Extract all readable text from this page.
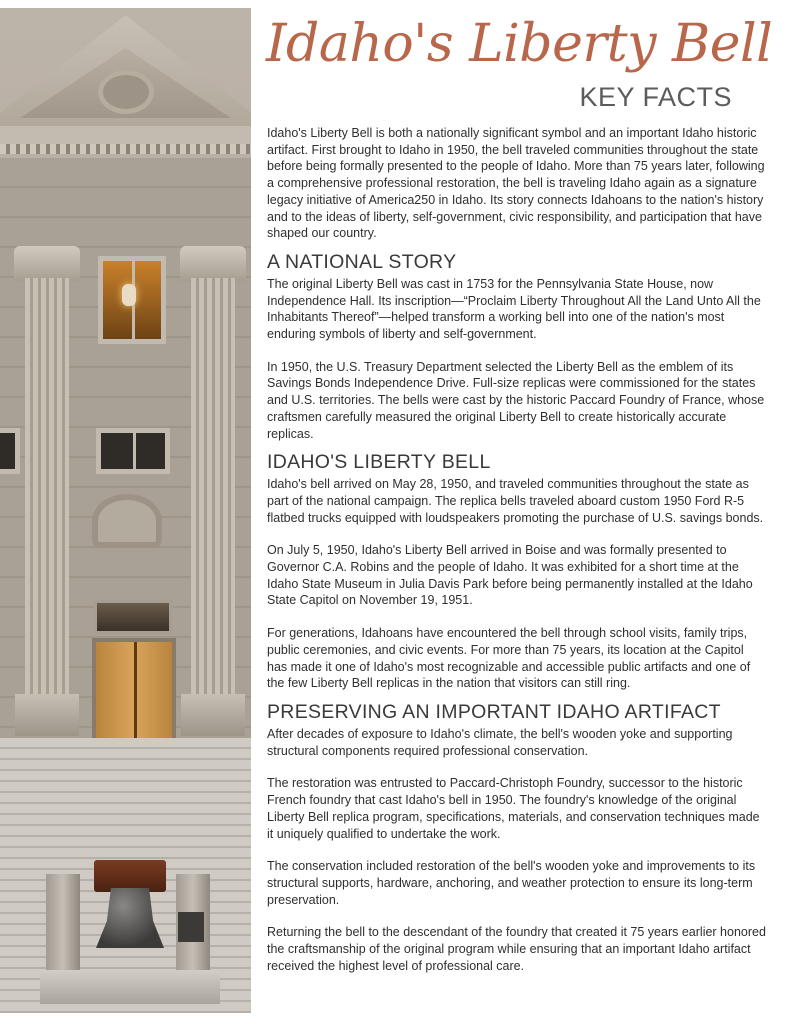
Idaho's Liberty Bell
KEY FACTS

Idaho's Liberty Bell is both a nationally significant symbol and an important Idaho historic artifact. First brought to Idaho in 1950, the bell traveled communities throughout the state before being formally presented to the people of Idaho. More than 75 years later, following a comprehensive professional restoration, the bell is traveling Idaho again as a signature legacy initiative of America250 in Idaho. Its story connects Idahoans to the nation's history and to the ideas of liberty, self-government, civic responsibility, and participation that have shaped our country.

A NATIONAL STORY

The original Liberty Bell was cast in 1753 for the Pennsylvania State House, now Independence Hall. Its inscription—“Proclaim Liberty Throughout All the Land Unto All the Inhabitants Thereof”—helped transform a working bell into one of the nation's most enduring symbols of liberty and self-government.

In 1950, the U.S. Treasury Department selected the Liberty Bell as the emblem of its Savings Bonds Independence Drive. Full-size replicas were commissioned for the states and U.S. territories. The bells were cast by the historic Paccard Foundry of France, whose craftsmen carefully measured the original Liberty Bell to create historically accurate replicas.

IDAHO'S LIBERTY BELL

Idaho's bell arrived on May 28, 1950, and traveled communities throughout the state as part of the national campaign. The replica bells traveled aboard custom 1950 Ford R-5 flatbed trucks equipped with loudspeakers promoting the purchase of U.S. savings bonds.

On July 5, 1950, Idaho's Liberty Bell arrived in Boise and was formally presented to Governor C.A. Robins and the people of Idaho. It was exhibited for a short time at the Idaho State Museum in Julia Davis Park before being permanently installed at the Idaho State Capitol on November 19, 1951.

For generations, Idahoans have encountered the bell through school visits, family trips, public ceremonies, and civic events. For more than 75 years, its location at the Capitol has made it one of Idaho's most recognizable and accessible public artifacts and one of the few Liberty Bell replicas in the nation that visitors can still ring.

PRESERVING AN IMPORTANT IDAHO ARTIFACT

After decades of exposure to Idaho's climate, the bell's wooden yoke and supporting structural components required professional conservation.

The restoration was entrusted to Paccard-Christoph Foundry, successor to the historic French foundry that cast Idaho's bell in 1950. The foundry's knowledge of the original Liberty Bell replica program, specifications, materials, and conservation techniques made it uniquely qualified to undertake the work.

The conservation included restoration of the bell's wooden yoke and improvements to its structural supports, hardware, anchoring, and weather protection to ensure its long-term preservation.

Returning the bell to the descendant of the foundry that created it 75 years earlier honored the craftsmanship of the original program while ensuring that an important Idaho artifact received the highest level of professional care.
